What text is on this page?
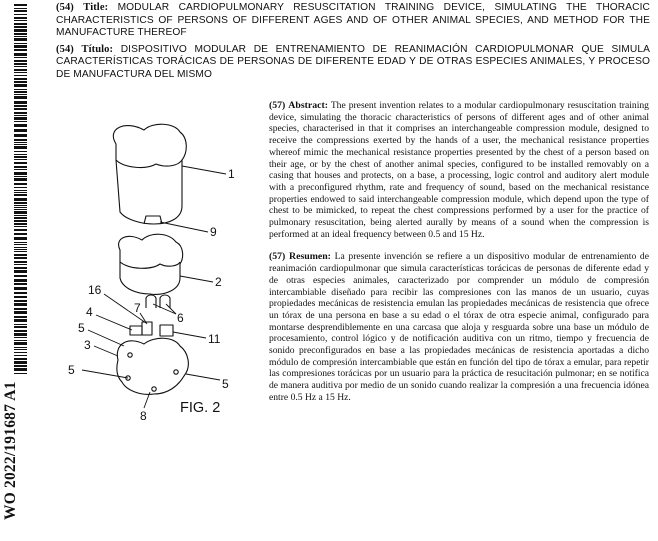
WO 2022/191687 A1
(54) Title: MODULAR CARDIOPULMONARY RESUSCITATION TRAINING DEVICE, SIMULATING THE THORACIC CHARACTERISTICS OF PERSONS OF DIFFERENT AGES AND OF OTHER ANIMAL SPECIES, AND METHOD FOR THE MANUFACTURE THEREOF
(54) Título: DISPOSITIVO MODULAR DE ENTRENAMIENTO DE REANIMACIÓN CARDIOPULMONAR QUE SIMULA CARACTERÍSTICAS TORÁCICAS DE PERSONAS DE DIFERENTE EDAD Y DE OTRAS ESPECIES ANIMALES, Y PROCESO DE MANUFACTURA DEL MISMO
1
9
2
16
7
6
4
11
5
3
5
8
5
FIG. 2

(57) Abstract: The present invention relates to a modular cardiopulmonary resuscitation training device, simulating the thoracic characteristics of persons of different ages and of other animal species, characterised in that it comprises an interchangeable compression module, designed to receive the compressions exerted by the hands of a user, the mechanical resistance properties whereof mimic the mechanical resistance properties presented by the chest of a person based on their age, or by the chest of another animal species, configured to be installed removably on a casing that houses and protects, on a base, a processing, logic control and auditory alert module with a preconfigured rhythm, rate and frequency of sound, based on the mechanical resistance properties endowed to said interchangeable compression module, which depend upon the type of chest to be mimicked, to repeat the chest compressions performed by a user for the practice of pulmonary resuscitation, being alerted aurally by means of a sound when the compression is performed at an ideal frequency between 0.5 and 15 Hz.

(57) Resumen: La presente invención se refiere a un dispositivo modular de entrenamiento de reanimación cardiopulmonar que simula características torácicas de personas de diferente edad y de otras especies animales, caracterizado por comprender un módulo de compresión intercambiable diseñado para recibir las compresiones con las manos de un usuario, cuyas propiedades mecánicas de resistencia emulan las propiedades mecánicas de resistencia que ofrece un tórax de una persona en base a su edad o el tórax de otra especie animal, configurado para montarse desprendiblemente en una carcasa que aloja y resguarda sobre una base un módulo de procesamiento, control lógico y de notificación auditiva con un ritmo, tiempo y frecuencia de sonido preconfigurados en base a las propiedades mecánicas de resistencia aportadas a dicho módulo de compresión intercambiable que están en función del tipo de tórax a emular, para repetir las compresiones torácicas por un usuario para la práctica de resucitación pulmonar; en se notifica de manera auditiva por medio de un sonido cuando realizar la compresión a una frecuencia idónea entre 0.5 Hz a 15 Hz.
